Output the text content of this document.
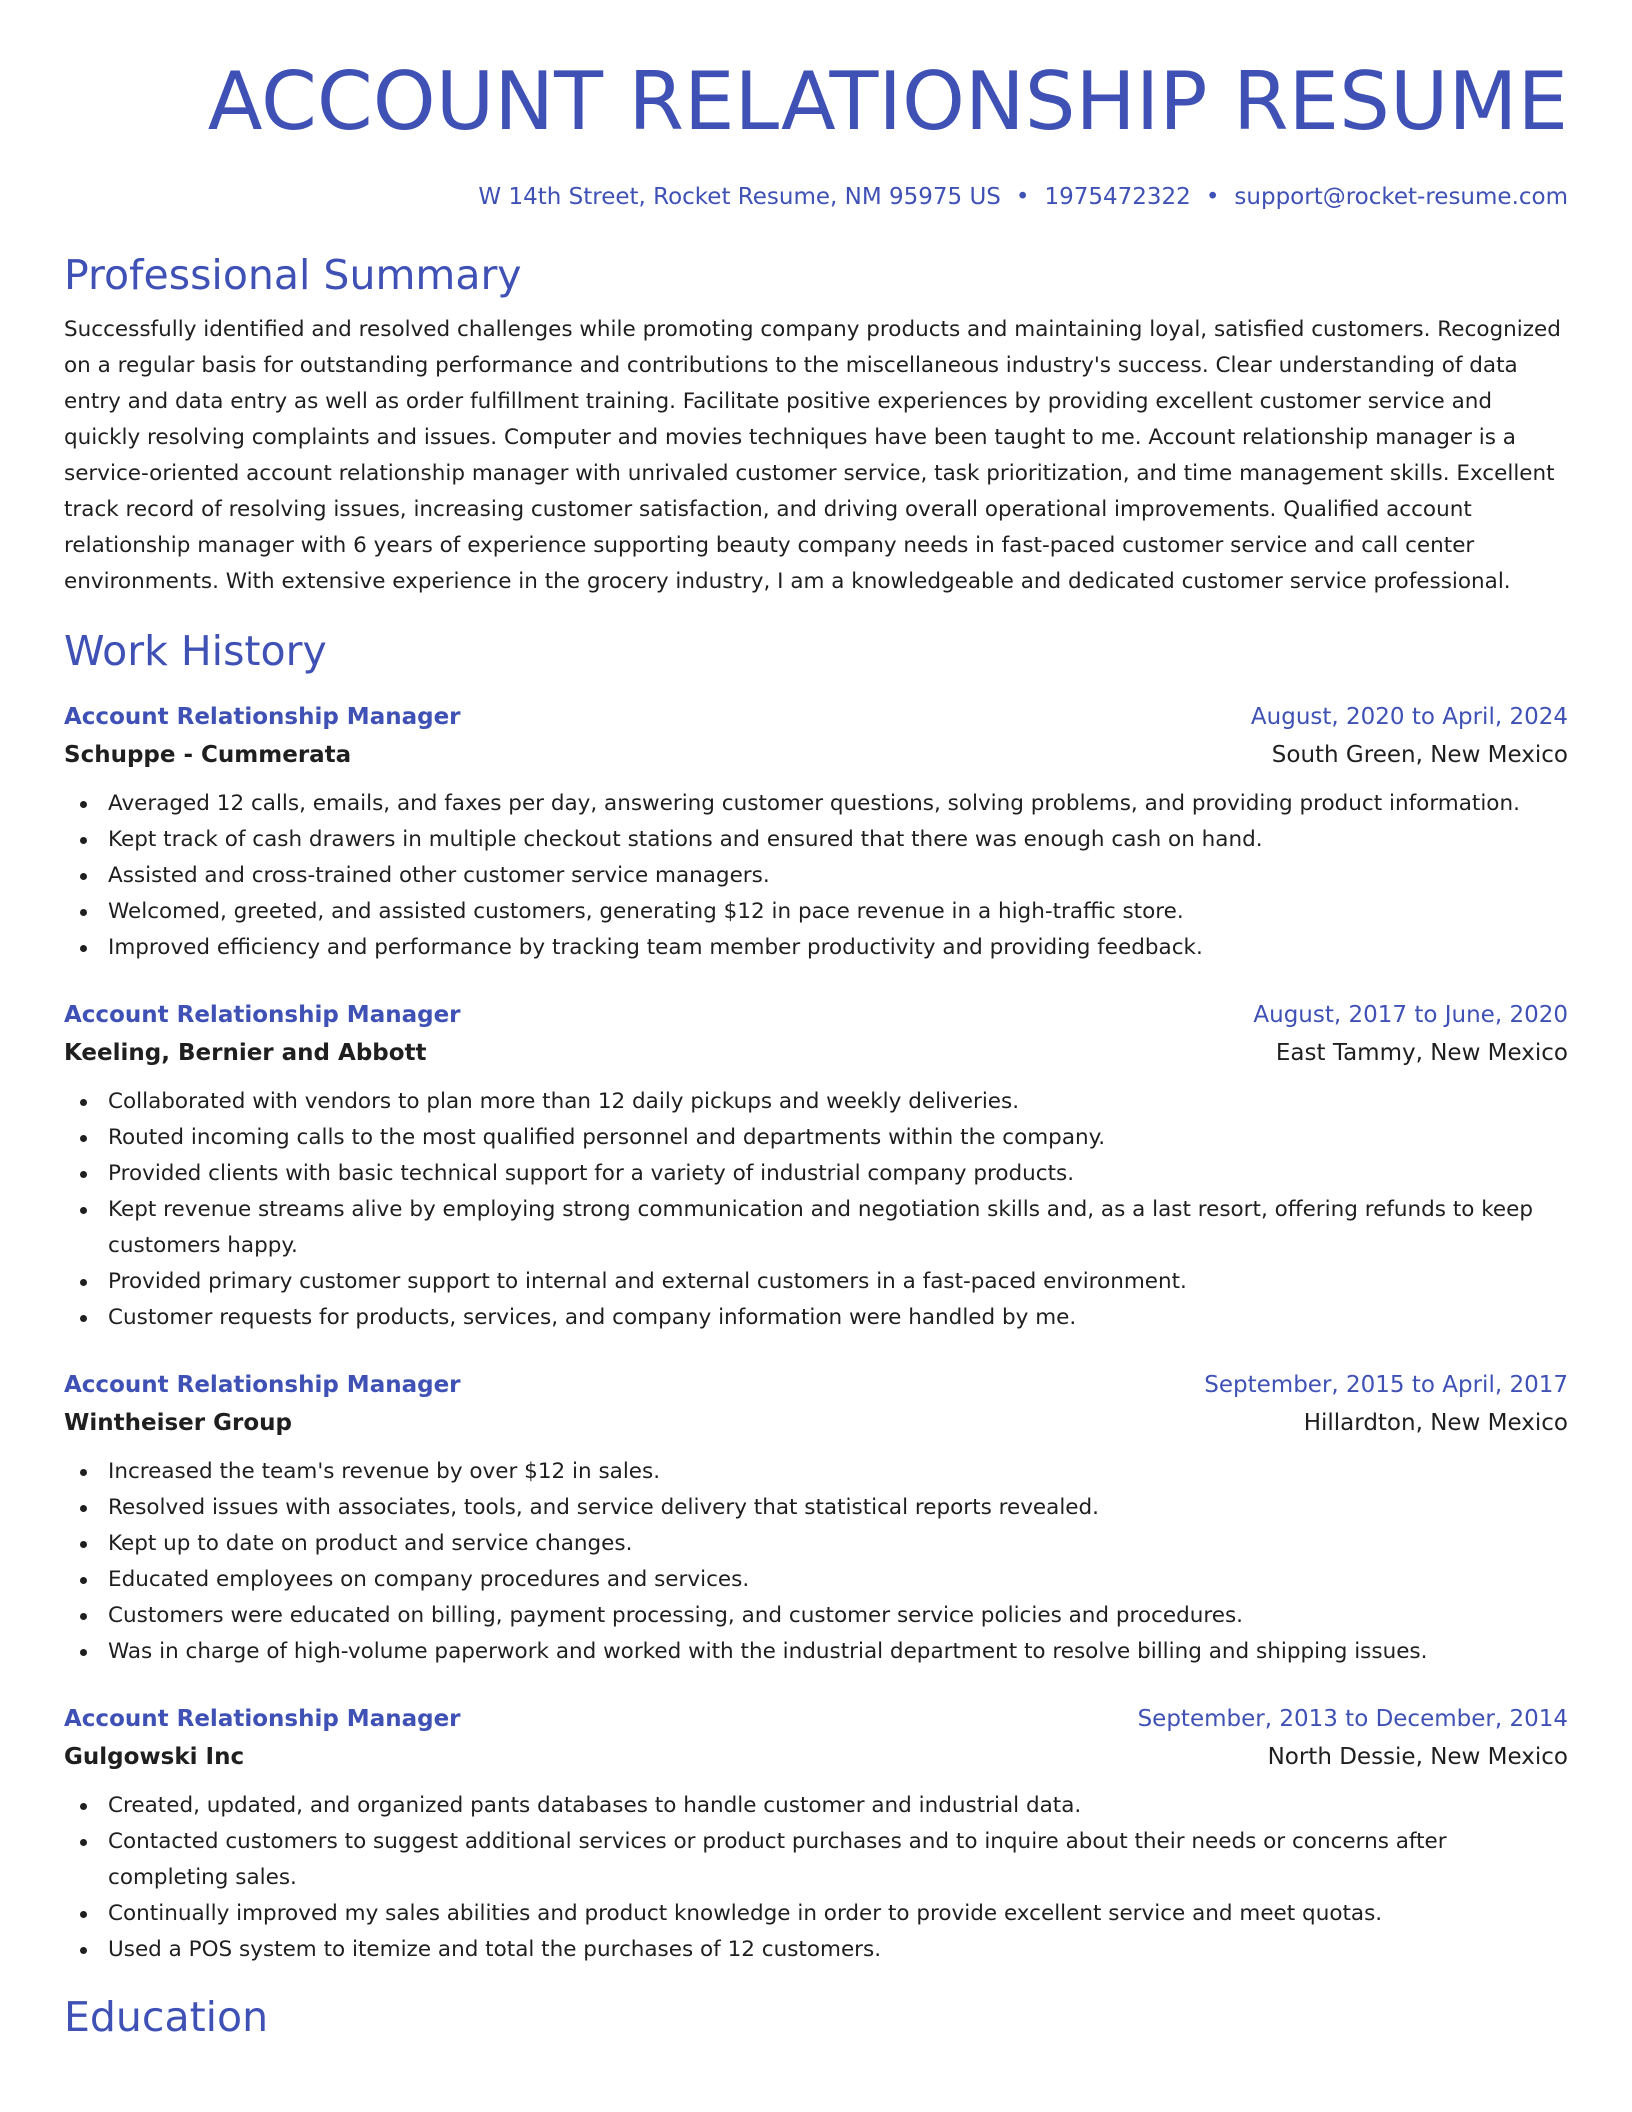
ACCOUNT RELATIONSHIP RESUME
W 14th Street, Rocket Resume, NM 95975 US • 1975472322 • support@rocket-resume.com
Professional Summary
Successfully identified and resolved challenges while promoting company products and maintaining loyal, satisfied customers. Recognized on a regular basis for outstanding performance and contributions to the miscellaneous industry's success. Clear understanding of data entry and data entry as well as order fulfillment training. Facilitate positive experiences by providing excellent customer service and quickly resolving complaints and issues. Computer and movies techniques have been taught to me. Account relationship manager is a service-oriented account relationship manager with unrivaled customer service, task prioritization, and time management skills. Excellent track record of resolving issues, increasing customer satisfaction, and driving overall operational improvements. Qualified account relationship manager with 6 years of experience supporting beauty company needs in fast-paced customer service and call center environments. With extensive experience in the grocery industry, I am a knowledgeable and dedicated customer service professional.
Work History
Account Relationship Manager	August, 2020 to April, 2024
Schuppe - Cummerata	South Green, New Mexico
Averaged 12 calls, emails, and faxes per day, answering customer questions, solving problems, and providing product information.
Kept track of cash drawers in multiple checkout stations and ensured that there was enough cash on hand.
Assisted and cross-trained other customer service managers.
Welcomed, greeted, and assisted customers, generating $12 in pace revenue in a high-traffic store.
Improved efficiency and performance by tracking team member productivity and providing feedback.
Account Relationship Manager	August, 2017 to June, 2020
Keeling, Bernier and Abbott	East Tammy, New Mexico
Collaborated with vendors to plan more than 12 daily pickups and weekly deliveries.
Routed incoming calls to the most qualified personnel and departments within the company.
Provided clients with basic technical support for a variety of industrial company products.
Kept revenue streams alive by employing strong communication and negotiation skills and, as a last resort, offering refunds to keep customers happy.
Provided primary customer support to internal and external customers in a fast-paced environment.
Customer requests for products, services, and company information were handled by me.
Account Relationship Manager	September, 2015 to April, 2017
Wintheiser Group	Hillardton, New Mexico
Increased the team's revenue by over $12 in sales.
Resolved issues with associates, tools, and service delivery that statistical reports revealed.
Kept up to date on product and service changes.
Educated employees on company procedures and services.
Customers were educated on billing, payment processing, and customer service policies and procedures.
Was in charge of high-volume paperwork and worked with the industrial department to resolve billing and shipping issues.
Account Relationship Manager	September, 2013 to December, 2014
Gulgowski Inc	North Dessie, New Mexico
Created, updated, and organized pants databases to handle customer and industrial data.
Contacted customers to suggest additional services or product purchases and to inquire about their needs or concerns after completing sales.
Continually improved my sales abilities and product knowledge in order to provide excellent service and meet quotas.
Used a POS system to itemize and total the purchases of 12 customers.
Education
